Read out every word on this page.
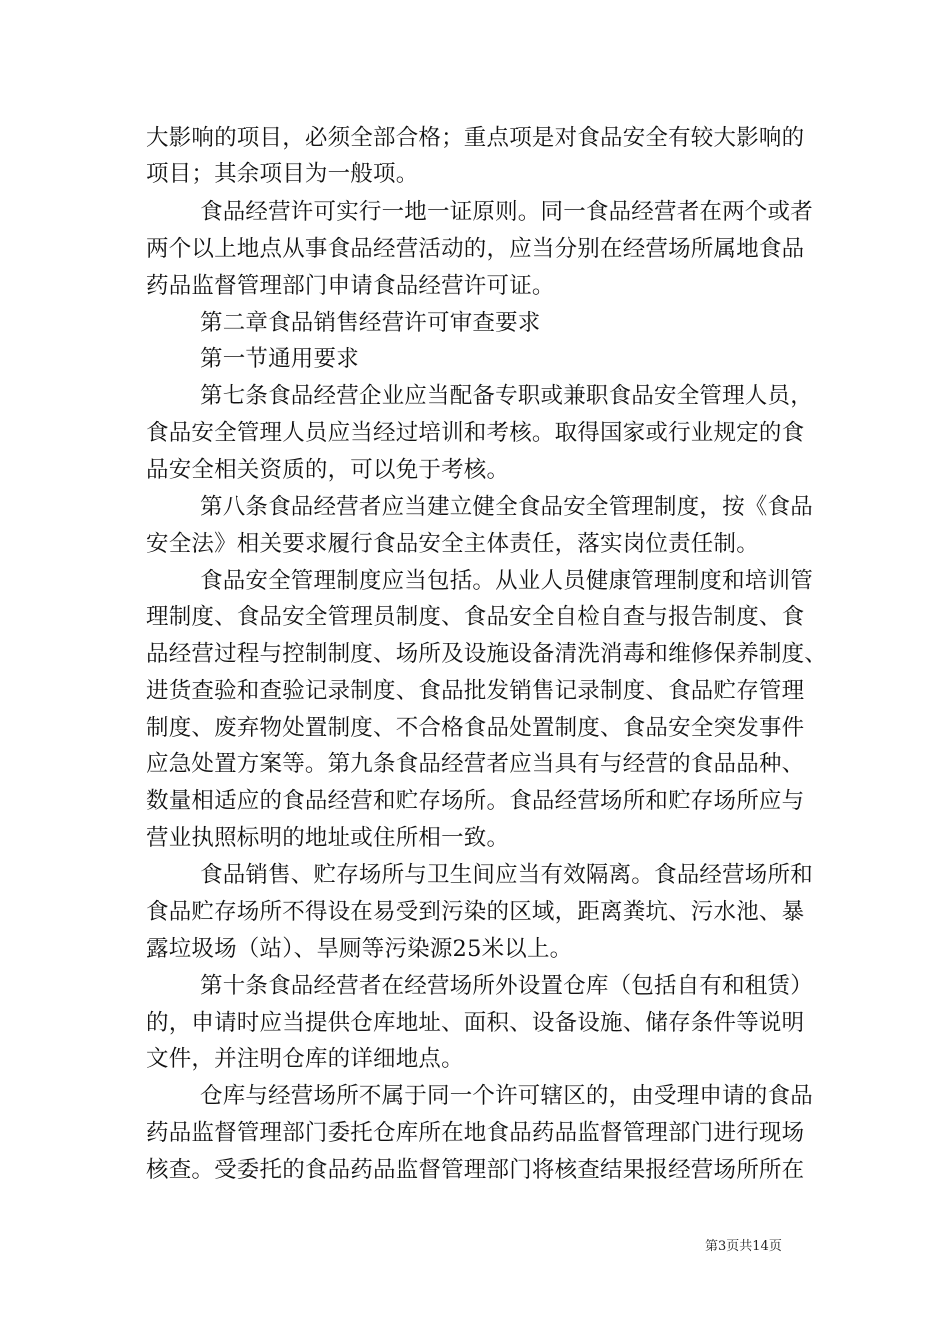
大影响的项目，必须全部合格；重点项是对食品安全有较大影响的
项目；其余项目为一般项。
食品经营许可实行一地一证原则。同一食品经营者在两个或者
两个以上地点从事食品经营活动的，应当分别在经营场所属地食品
药品监督管理部门申请食品经营许可证。
第二章食品销售经营许可审查要求
第一节通用要求
第七条食品经营企业应当配备专职或兼职食品安全管理人员，
食品安全管理人员应当经过培训和考核。取得国家或行业规定的食
品安全相关资质的，可以免于考核。
第八条食品经营者应当建立健全食品安全管理制度，按《食品
安全法》相关要求履行食品安全主体责任，落实岗位责任制。
食品安全管理制度应当包括。从业人员健康管理制度和培训管
理制度、食品安全管理员制度、食品安全自检自查与报告制度、食
品经营过程与控制制度、场所及设施设备清洗消毒和维修保养制度、
进货查验和查验记录制度、食品批发销售记录制度、食品贮存管理
制度、废弃物处置制度、不合格食品处置制度、食品安全突发事件
应急处置方案等。第九条食品经营者应当具有与经营的食品品种、
数量相适应的食品经营和贮存场所。食品经营场所和贮存场所应与
营业执照标明的地址或住所相一致。
食品销售、贮存场所与卫生间应当有效隔离。食品经营场所和
食品贮存场所不得设在易受到污染的区域，距离粪坑、污水池、暴
露垃圾场（站）、旱厕等污染源25米以上。
第十条食品经营者在经营场所外设置仓库（包括自有和租赁）
的，申请时应当提供仓库地址、面积、设备设施、储存条件等说明
文件，并注明仓库的详细地点。
仓库与经营场所不属于同一个许可辖区的，由受理申请的食品
药品监督管理部门委托仓库所在地食品药品监督管理部门进行现场
核查。受委托的食品药品监督管理部门将核查结果报经营场所所在
第3页共14页
